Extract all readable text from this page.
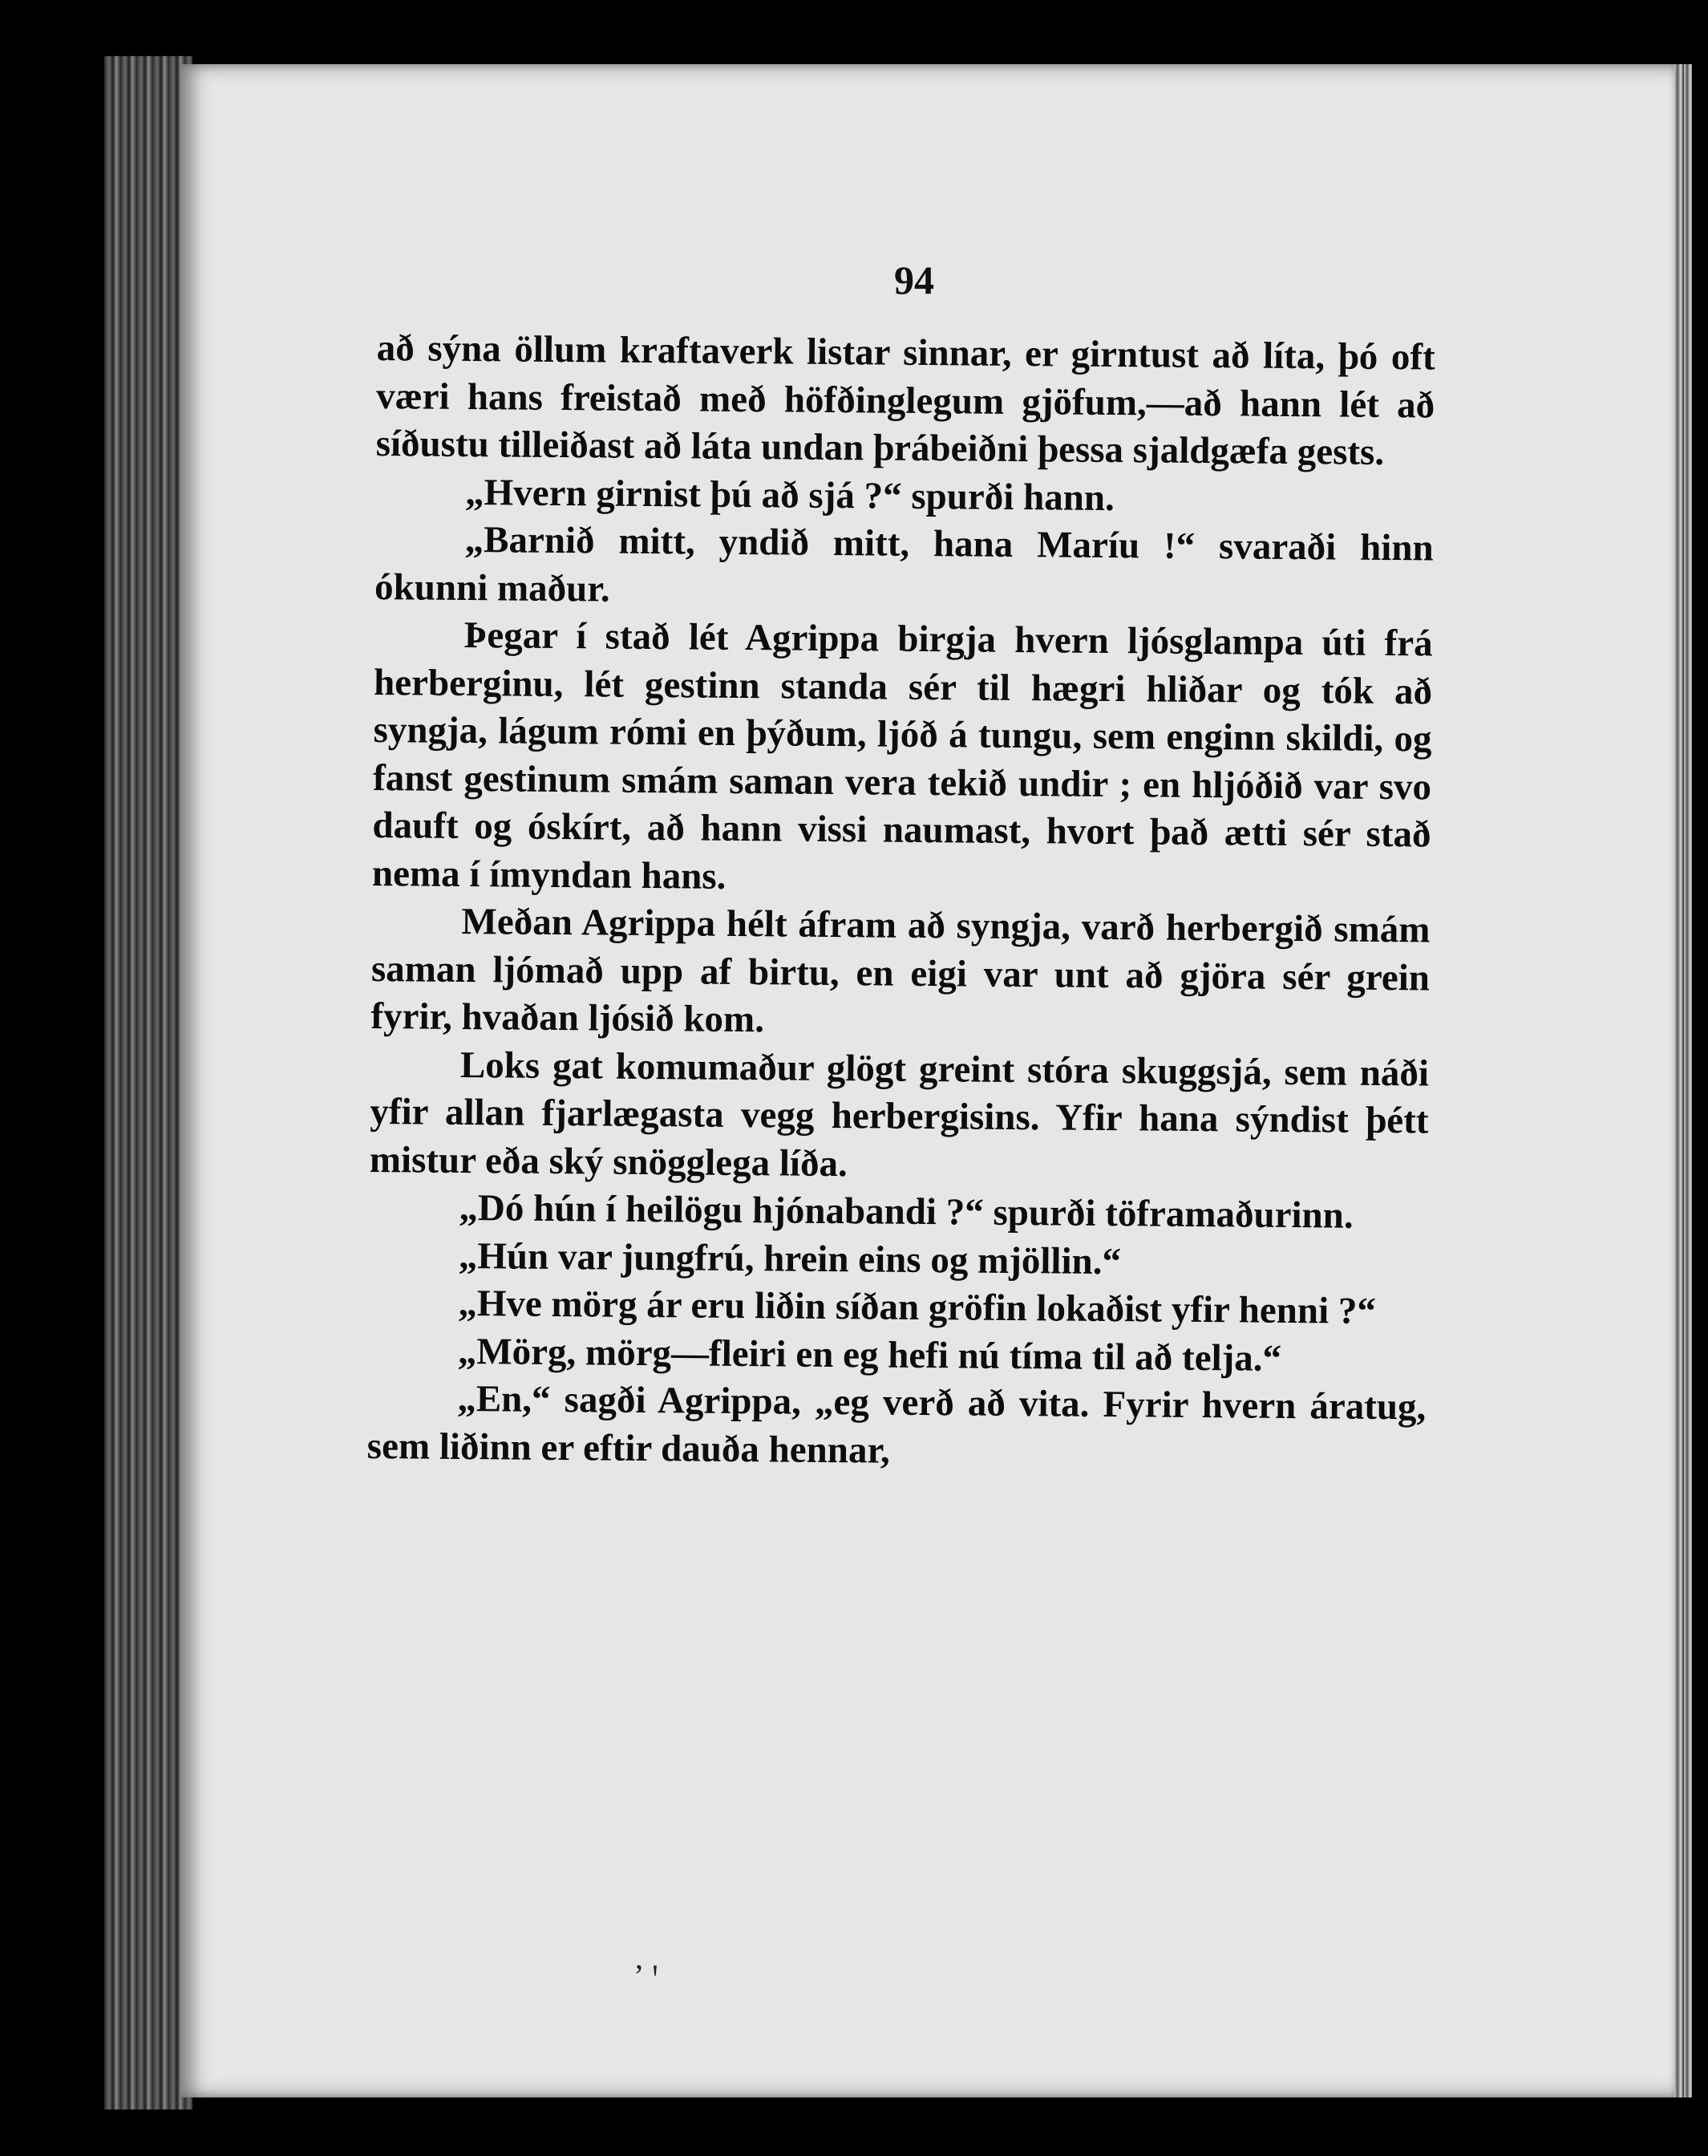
94

að sýna öllum kraftaverk listar sinnar, er girntust að líta, þó oft væri hans freistað með höfðinglegum gjöfum,—að hann lét að síðustu tilleiðast að láta undan þrábeiðni þessa sjaldgæfa gests.

„Hvern girnist þú að sjá ?“ spurði hann.

„Barnið mitt, yndið mitt, hana Maríu !“ svaraði hinn ókunni maður.

Þegar í stað lét Agrippa birgja hvern ljósglampa úti frá herberginu, lét gestinn standa sér til hægri hliðar og tók að syngja, lágum rómi en þýðum, ljóð á tungu, sem enginn skildi, og fanst gestinum smám saman vera tekið undir ; en hljóðið var svo dauft og óskírt, að hann vissi naumast, hvort það ætti sér stað nema í ímyndan hans.

Meðan Agrippa hélt áfram að syngja, varð herbergið smám saman ljómað upp af birtu, en eigi var unt að gjöra sér grein fyrir, hvaðan ljósið kom.

Loks gat komumaður glögt greint stóra skuggsjá, sem náði yfir allan fjarlægasta vegg herbergisins. Yfir hana sýndist þétt mistur eða ský snögglega líða.

„Dó hún í heilögu hjónabandi ?“ spurði töframaðurinn.

„Hún var jungfrú, hrein eins og mjöllin.“

„Hve mörg ár eru liðin síðan gröfin lokaðist yfir henni ?“

„Mörg, mörg—fleiri en eg hefi nú tíma til að telja.“

„En,“ sagði Agrippa, „eg verð að vita. Fyrir hvern áratug, sem liðinn er eftir dauða hennar,

ʼ ꞌ
